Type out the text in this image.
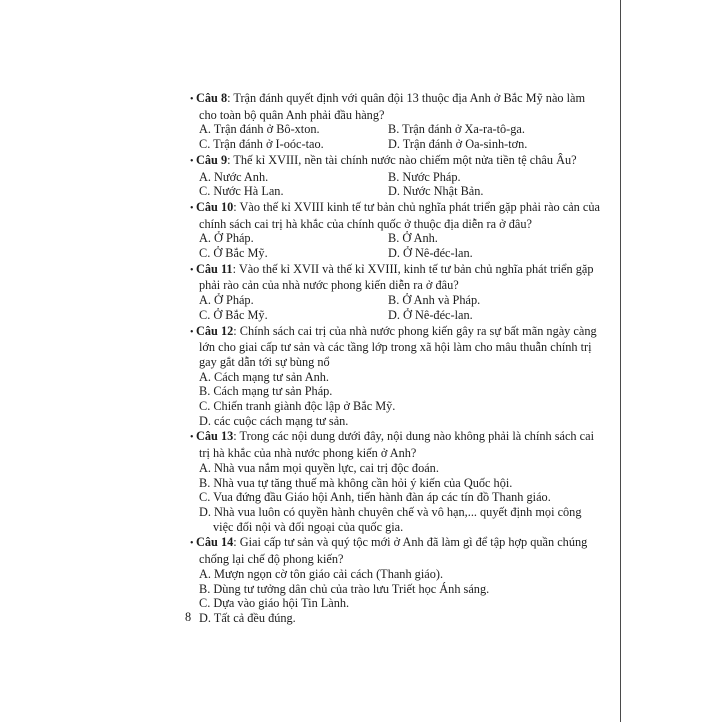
• Câu 8: Trận đánh quyết định với quân đội 13 thuộc địa Anh ở Bắc Mỹ nào làm cho toàn bộ quân Anh phải đầu hàng?
A. Trận đánh ở Bô-xton.	B. Trận đánh ở Xa-ra-tô-ga.
C. Trận đánh ở I-oóc-tao.	D. Trận đánh ở Oa-sinh-tơn.
• Câu 9: Thế kỉ XVIII, nền tài chính nước nào chiếm một nửa tiền tệ châu Âu?
A. Nước Anh.	B. Nước Pháp.
C. Nước Hà Lan.	D. Nước Nhật Bản.
• Câu 10: Vào thế kỉ XVIII kinh tế tư bản chủ nghĩa phát triển gặp phải rào cản của chính sách cai trị hà khắc của chính quốc ở thuộc địa diễn ra ở đâu?
A. Ở Pháp.	B. Ở Anh.
C. Ở Bắc Mỹ.	D. Ở Nê-đéc-lan.
• Câu 11: Vào thế kỉ XVII và thế kỉ XVIII, kinh tế tư bản chủ nghĩa phát triển gặp phải rào cản của nhà nước phong kiến diễn ra ở đâu?
A. Ở Pháp.	B. Ở Anh và Pháp.
C. Ở Bắc Mỹ.	D. Ở Nê-đéc-lan.
• Câu 12: Chính sách cai trị của nhà nước phong kiến gây ra sự bất mãn ngày càng lớn cho giai cấp tư sản và các tầng lớp trong xã hội làm cho mâu thuẫn chính trị gay gắt dẫn tới sự bùng nổ
A. Cách mạng tư sản Anh.
B. Cách mạng tư sản Pháp.
C. Chiến tranh giành độc lập ở Bắc Mỹ.
D. các cuộc cách mạng tư sản.
• Câu 13: Trong các nội dung dưới đây, nội dung nào không phải là chính sách cai trị hà khắc của nhà nước phong kiến ở Anh?
A. Nhà vua nắm mọi quyền lực, cai trị độc đoán.
B. Nhà vua tự tăng thuế mà không cần hỏi ý kiến của Quốc hội.
C. Vua đứng đầu Giáo hội Anh, tiến hành đàn áp các tín đồ Thanh giáo.
D. Nhà vua luôn có quyền hành chuyên chế và vô hạn,... quyết định mọi công việc đối nội và đối ngoại của quốc gia.
• Câu 14: Giai cấp tư sản và quý tộc mới ở Anh đã làm gì để tập hợp quần chúng chống lại chế độ phong kiến?
A. Mượn ngọn cờ tôn giáo cải cách (Thanh giáo).
B. Dùng tư tưởng dân chủ của trào lưu Triết học Ánh sáng.
C. Dựa vào giáo hội Tin Lành.
D. Tất cả đều đúng.
8
